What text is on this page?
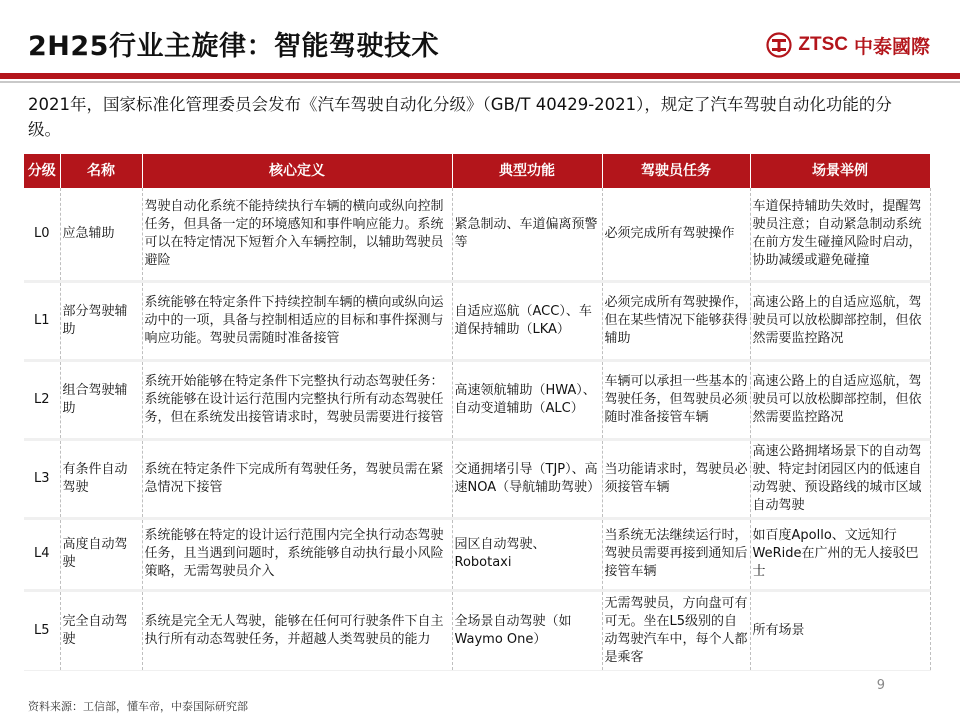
2H25行业主旋律：智能驾驶技术	ZTSC 中泰國際
2021年，国家标准化管理委员会发布《汽车驾驶自动化分级》（GB/T 40429-2021），规定了汽车驾驶自动化功能的分级。
分级	名称	核心定义	典型功能	驾驶员任务	场景举例
L0	应急辅助	驾驶自动化系统不能持续执行车辆的横向或纵向控制任务，但具备一定的环境感知和事件响应能力。系统可以在特定情况下短暂介入车辆控制，以辅助驾驶员避险	紧急制动、车道偏离预警等	必须完成所有驾驶操作	车道保持辅助失效时，提醒驾驶员注意；自动紧急制动系统在前方发生碰撞风险时启动，协助减缓或避免碰撞
L1	部分驾驶辅助	系统能够在特定条件下持续控制车辆的横向或纵向运动中的一项，具备与控制相适应的目标和事件探测与响应功能。驾驶员需随时准备接管	自适应巡航（ACC）、车道保持辅助（LKA）	必须完成所有驾驶操作，但在某些情况下能够获得辅助	高速公路上的自适应巡航，驾驶员可以放松脚部控制，但依然需要监控路况
L2	组合驾驶辅助	系统开始能够在特定条件下完整执行动态驾驶任务：系统能够在设计运行范围内完整执行所有动态驾驶任务，但在系统发出接管请求时，驾驶员需要进行接管	高速领航辅助（HWA）、自动变道辅助（ALC）	车辆可以承担一些基本的驾驶任务，但驾驶员必须随时准备接管车辆	高速公路上的自适应巡航，驾驶员可以放松脚部控制，但依然需要监控路况
L3	有条件自动驾驶	系统在特定条件下完成所有驾驶任务，驾驶员需在紧急情况下接管	交通拥堵引导（TJP）、高速NOA（导航辅助驾驶）	当功能请求时，驾驶员必须接管车辆	高速公路拥堵场景下的自动驾驶、特定封闭园区内的低速自动驾驶、预设路线的城市区域自动驾驶
L4	高度自动驾驶	系统能够在特定的设计运行范围内完全执行动态驾驶任务，且当遇到问题时，系统能够自动执行最小风险策略，无需驾驶员介入	园区自动驾驶、Robotaxi	当系统无法继续运行时，驾驶员需要再接到通知后接管车辆	如百度Apollo、文远知行WeRide在广州的无人接驳巴士
L5	完全自动驾驶	系统是完全无人驾驶，能够在任何可行驶条件下自主执行所有动态驾驶任务，并超越人类驾驶员的能力	全场景自动驾驶（如Waymo One）	无需驾驶员，方向盘可有可无。坐在L5级别的自动驾驶汽车中，每个人都是乘客	所有场景
9
资料来源：工信部，懂车帝，中泰国际研究部
